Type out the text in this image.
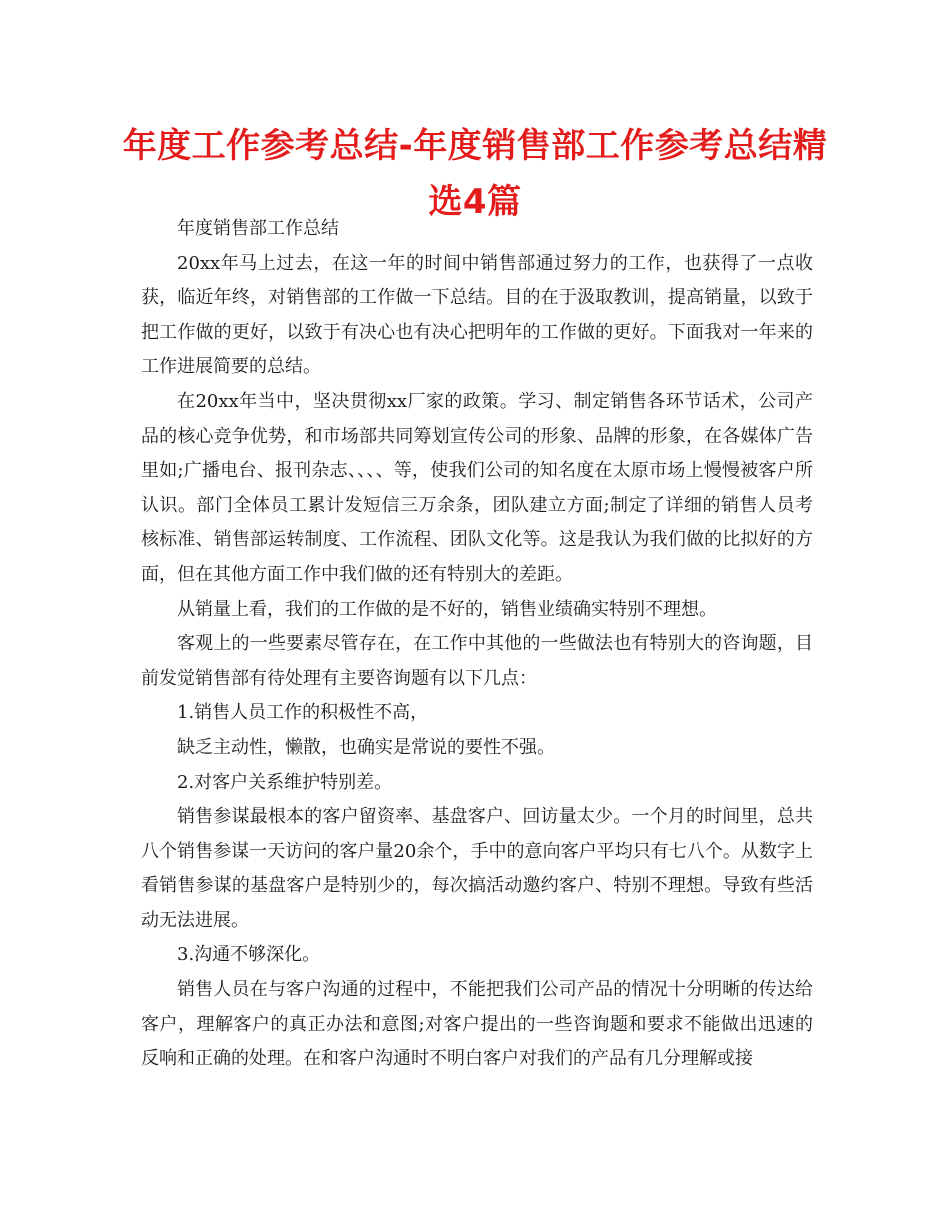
年度工作参考总结-年度销售部工作参考总结精选4篇

年度销售部工作总结

20xx年马上过去，在这一年的时间中销售部通过努力的工作，也获得了一点收获，临近年终，对销售部的工作做一下总结。目的在于汲取教训，提高销量，以致于把工作做的更好，以致于有决心也有决心把明年的工作做的更好。下面我对一年来的工作进展简要的总结。

在20xx年当中，坚决贯彻xx厂家的政策。学习、制定销售各环节话术，公司产品的核心竞争优势，和市场部共同筹划宣传公司的形象、品牌的形象，在各媒体广告里如;广播电台、报刊杂志、、、、等，使我们公司的知名度在太原市场上慢慢被客户所认识。部门全体员工累计发短信三万余条，团队建立方面;制定了详细的销售人员考核标准、销售部运转制度、工作流程、团队文化等。这是我认为我们做的比拟好的方面，但在其他方面工作中我们做的还有特别大的差距。

从销量上看，我们的工作做的是不好的，销售业绩确实特别不理想。

客观上的一些要素尽管存在，在工作中其他的一些做法也有特别大的咨询题，目前发觉销售部有待处理有主要咨询题有以下几点：

1.销售人员工作的积极性不高，

缺乏主动性，懒散，也确实是常说的要性不强。

2.对客户关系维护特别差。

销售参谋最根本的客户留资率、基盘客户、回访量太少。一个月的时间里，总共八个销售参谋一天访问的客户量20余个，手中的意向客户平均只有七八个。从数字上看销售参谋的基盘客户是特别少的，每次搞活动邀约客户、特别不理想。导致有些活动无法进展。

3.沟通不够深化。

销售人员在与客户沟通的过程中，不能把我们公司产品的情况十分明晰的传达给客户，理解客户的真正办法和意图;对客户提出的一些咨询题和要求不能做出迅速的反响和正确的处理。在和客户沟通时不明白客户对我们的产品有几分理解或接
